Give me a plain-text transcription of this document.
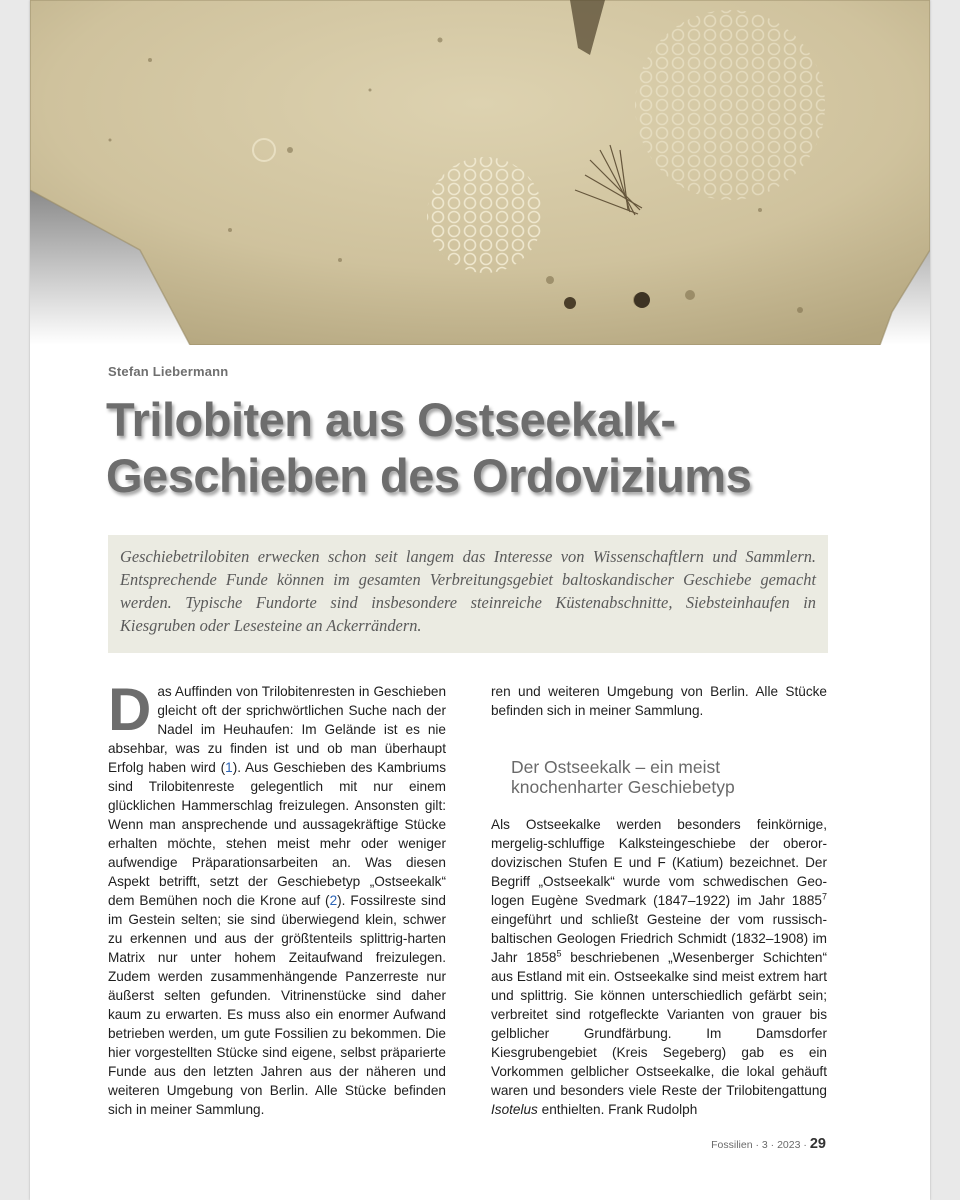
Stefan Liebermann
Trilobiten aus Ostseekalk-
Geschieben des Ordoviziums

Geschiebetrilobiten erwecken schon seit langem das Interesse von Wissenschaftlern und Sammlern. Entsprechende Funde können im gesamten Verbreitungsgebiet baltoskandischer Geschiebe gemacht werden. Typische Fundorte sind insbesondere steinreiche Küstenabschnitte, Siebsteinhaufen in Kiesgruben oder Lesesteine an Ackerrändern.

Das Auffinden von Trilobitenresten in Geschieben gleicht oft der sprichwörtlichen Suche nach der Nadel im Heuhaufen: Im Gelände ist es nie absehbar, was zu finden ist und ob man überhaupt Erfolg haben wird (1). Aus Geschieben des Kambriums sind Trilobitenreste gelegentlich mit nur einem glücklichen Hammerschlag freizulegen. Ansonsten gilt: Wenn man ansprechende und aussagekräftige Stücke erhalten möchte, stehen meist mehr oder weniger aufwendige Präparationsarbeiten an. Was diesen Aspekt betrifft, setzt der Geschiebetyp „Ostseekalk“ dem Bemühen noch die Krone auf (2). Fossilreste sind im Gestein selten; sie sind überwiegend klein, schwer zu erkennen und aus der größtenteils splittrig-harten Matrix nur unter hohem Zeitaufwand freizulegen. Zudem werden zusammenhängende Panzerreste nur äußerst selten gefunden. Vitrinenstücke sind daher kaum zu erwarten. Es muss also ein enormer Aufwand betrieben werden, um gute Fossilien zu bekommen. Die hier vorgestellten Stücke sind eigene, selbst präparierte Funde aus den letzten Jahren aus der näheren und weiteren Umgebung von Berlin. Alle Stücke befinden sich in meiner Sammlung.

ren und weiteren Umgebung von Berlin. Alle Stücke befinden sich in meiner Sammlung.

Der Ostseekalk – ein meist
knochenharter Geschiebetyp

Als Ostseekalke werden besonders feinkörnige, mergelig-schluffige Kalksteingeschiebe der oberordovizischen Stufen E und F (Katium) bezeichnet. Der Begriff „Ostseekalk“ wurde vom schwedischen Geologen Eugène Svedmark (1847–1922) im Jahr 1885$^7$ eingeführt und schließt Gesteine der vom russischbaltischen Geologen Friedrich Schmidt (1832–1908) im Jahr 1858$^5$ beschriebenen „Wesenberger Schichten“ aus Estland mit ein. Ostseekalke sind meist extrem hart und splittrig. Sie können unterschiedlich gefärbt sein; verbreitet sind rotgefleckte Varianten von grauer bis gelblicher Grundfärbung. Im Damsdorfer Kiesgrubengebiet (Kreis Segeberg) gab es ein Vorkommen gelblicher Ostseekalke, die lokal gehäuft waren und besonders viele Reste der Trilobitengattung Isotelus enthielten. Frank Rudolph

Fossilien · 3 · 2023 · 29
